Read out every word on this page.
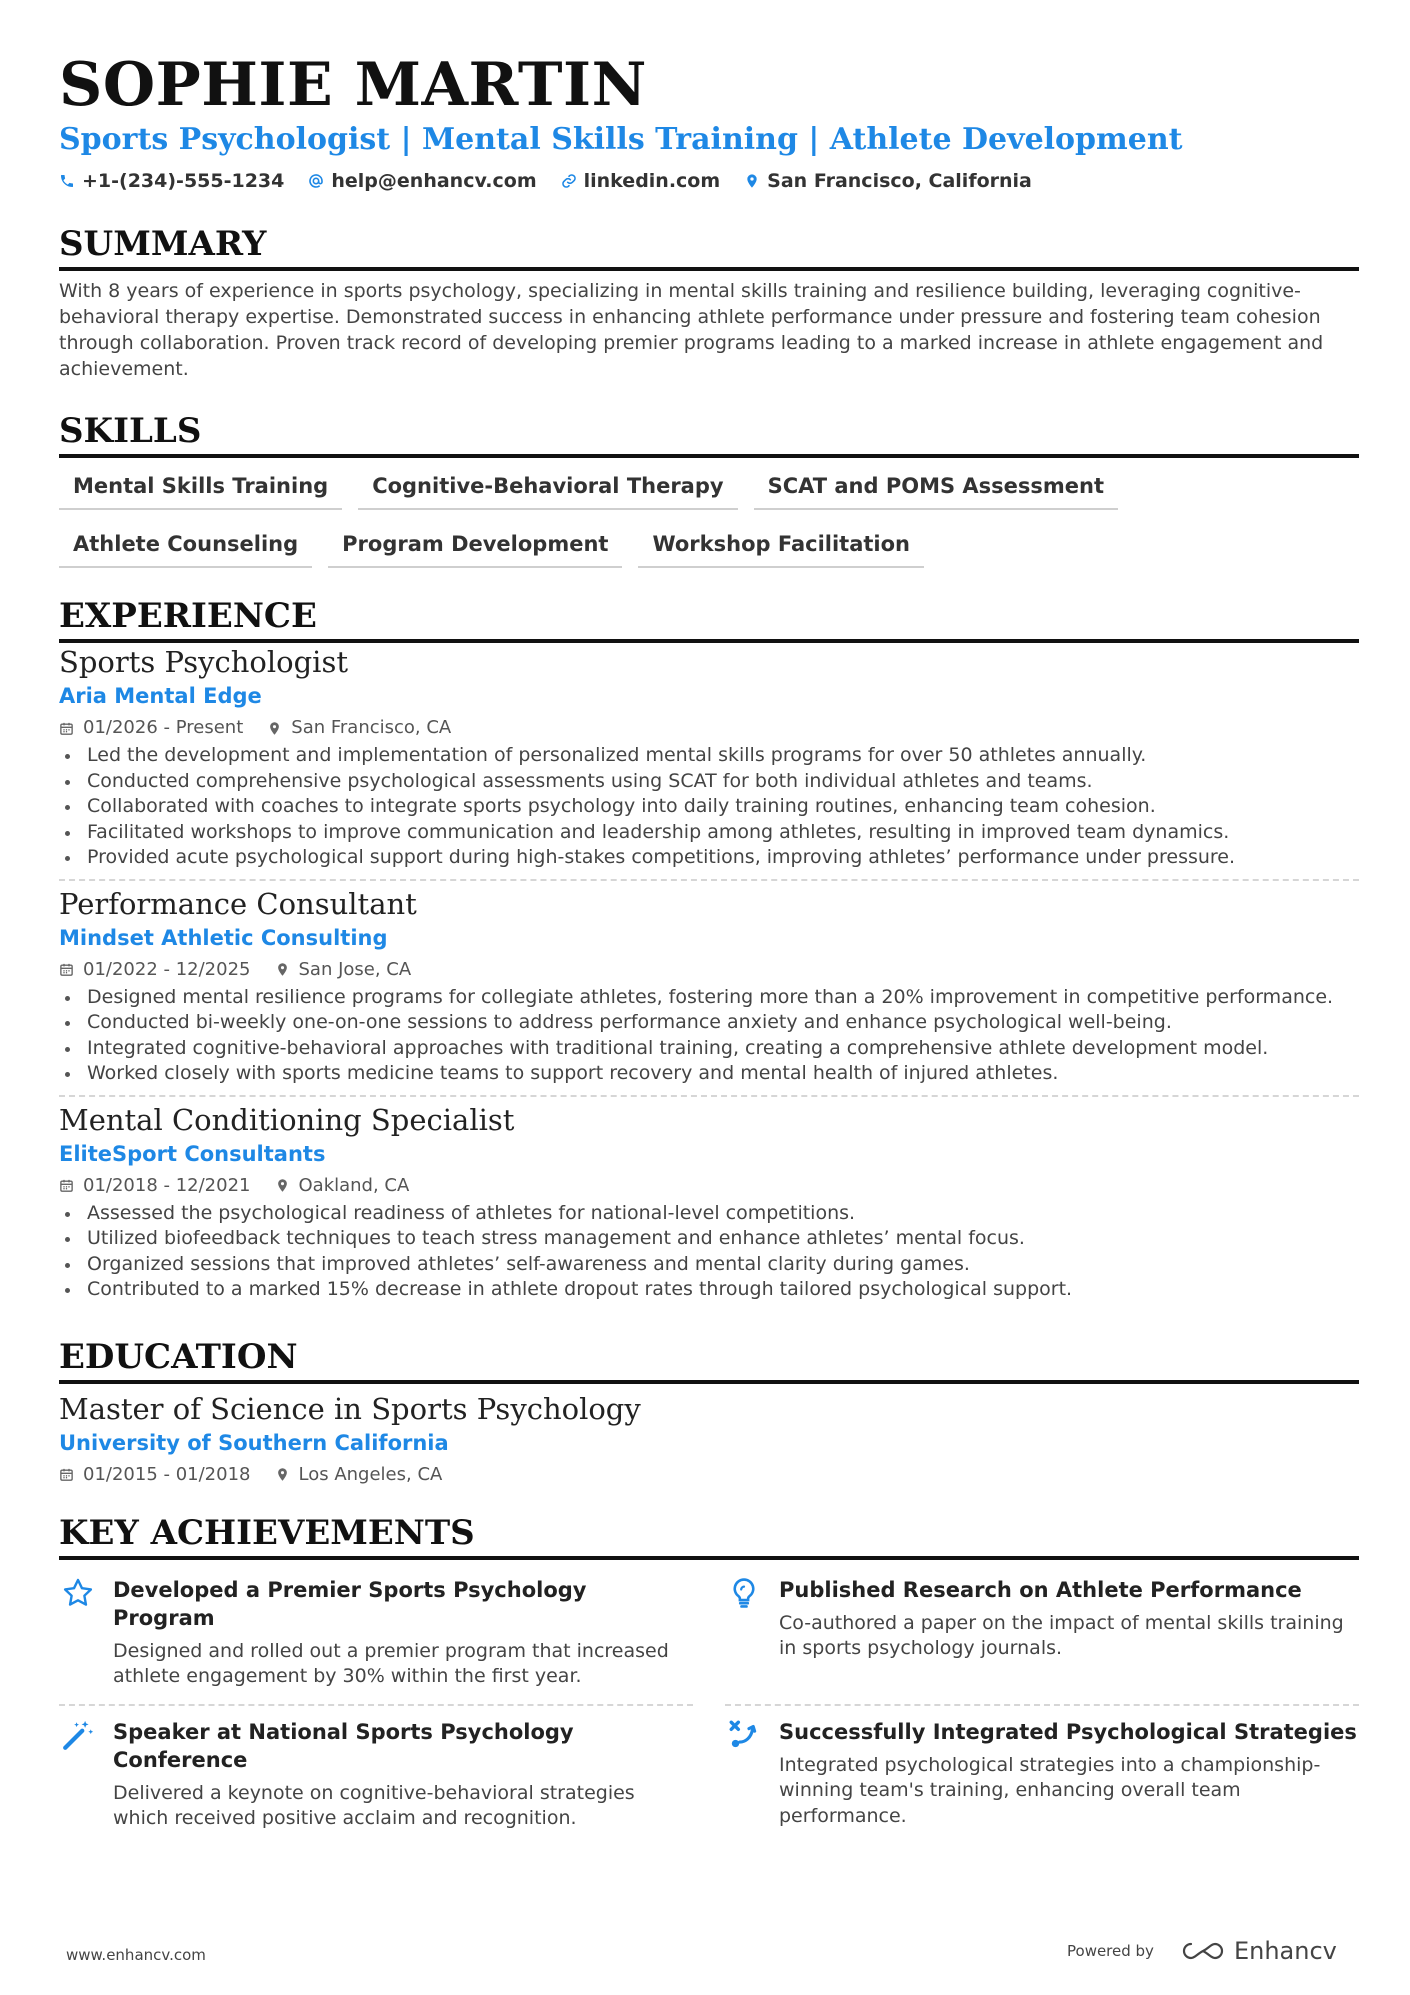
SOPHIE MARTIN
Sports Psychologist | Mental Skills Training | Athlete Development
+1-(234)-555-1234 help@enhancv.com linkedin.com San Francisco, California
SUMMARY
With 8 years of experience in sports psychology, specializing in mental skills training and resilience building, leveraging cognitive-behavioral therapy expertise. Demonstrated success in enhancing athlete performance under pressure and fostering team cohesion through collaboration. Proven track record of developing premier programs leading to a marked increase in athlete engagement and achievement.
SKILLS
Mental Skills Training	Cognitive-Behavioral Therapy	SCAT and POMS Assessment
Athlete Counseling	Program Development	Workshop Facilitation
EXPERIENCE
Sports Psychologist
Aria Mental Edge
01/2026 - Present	San Francisco, CA
Led the development and implementation of personalized mental skills programs for over 50 athletes annually.
Conducted comprehensive psychological assessments using SCAT for both individual athletes and teams.
Collaborated with coaches to integrate sports psychology into daily training routines, enhancing team cohesion.
Facilitated workshops to improve communication and leadership among athletes, resulting in improved team dynamics.
Provided acute psychological support during high-stakes competitions, improving athletes’ performance under pressure.
Performance Consultant
Mindset Athletic Consulting
01/2022 - 12/2025	San Jose, CA
Designed mental resilience programs for collegiate athletes, fostering more than a 20% improvement in competitive performance.
Conducted bi-weekly one-on-one sessions to address performance anxiety and enhance psychological well-being.
Integrated cognitive-behavioral approaches with traditional training, creating a comprehensive athlete development model.
Worked closely with sports medicine teams to support recovery and mental health of injured athletes.
Mental Conditioning Specialist
EliteSport Consultants
01/2018 - 12/2021	Oakland, CA
Assessed the psychological readiness of athletes for national-level competitions.
Utilized biofeedback techniques to teach stress management and enhance athletes’ mental focus.
Organized sessions that improved athletes’ self-awareness and mental clarity during games.
Contributed to a marked 15% decrease in athlete dropout rates through tailored psychological support.
EDUCATION
Master of Science in Sports Psychology
University of Southern California
01/2015 - 01/2018	Los Angeles, CA
KEY ACHIEVEMENTS
Developed a Premier Sports Psychology Program
Designed and rolled out a premier program that increased athlete engagement by 30% within the first year.
Published Research on Athlete Performance
Co-authored a paper on the impact of mental skills training in sports psychology journals.
Speaker at National Sports Psychology Conference
Delivered a keynote on cognitive-behavioral strategies which received positive acclaim and recognition.
Successfully Integrated Psychological Strategies
Integrated psychological strategies into a championship-winning team's training, enhancing overall team performance.
www.enhancv.com	Powered by	Enhancv
